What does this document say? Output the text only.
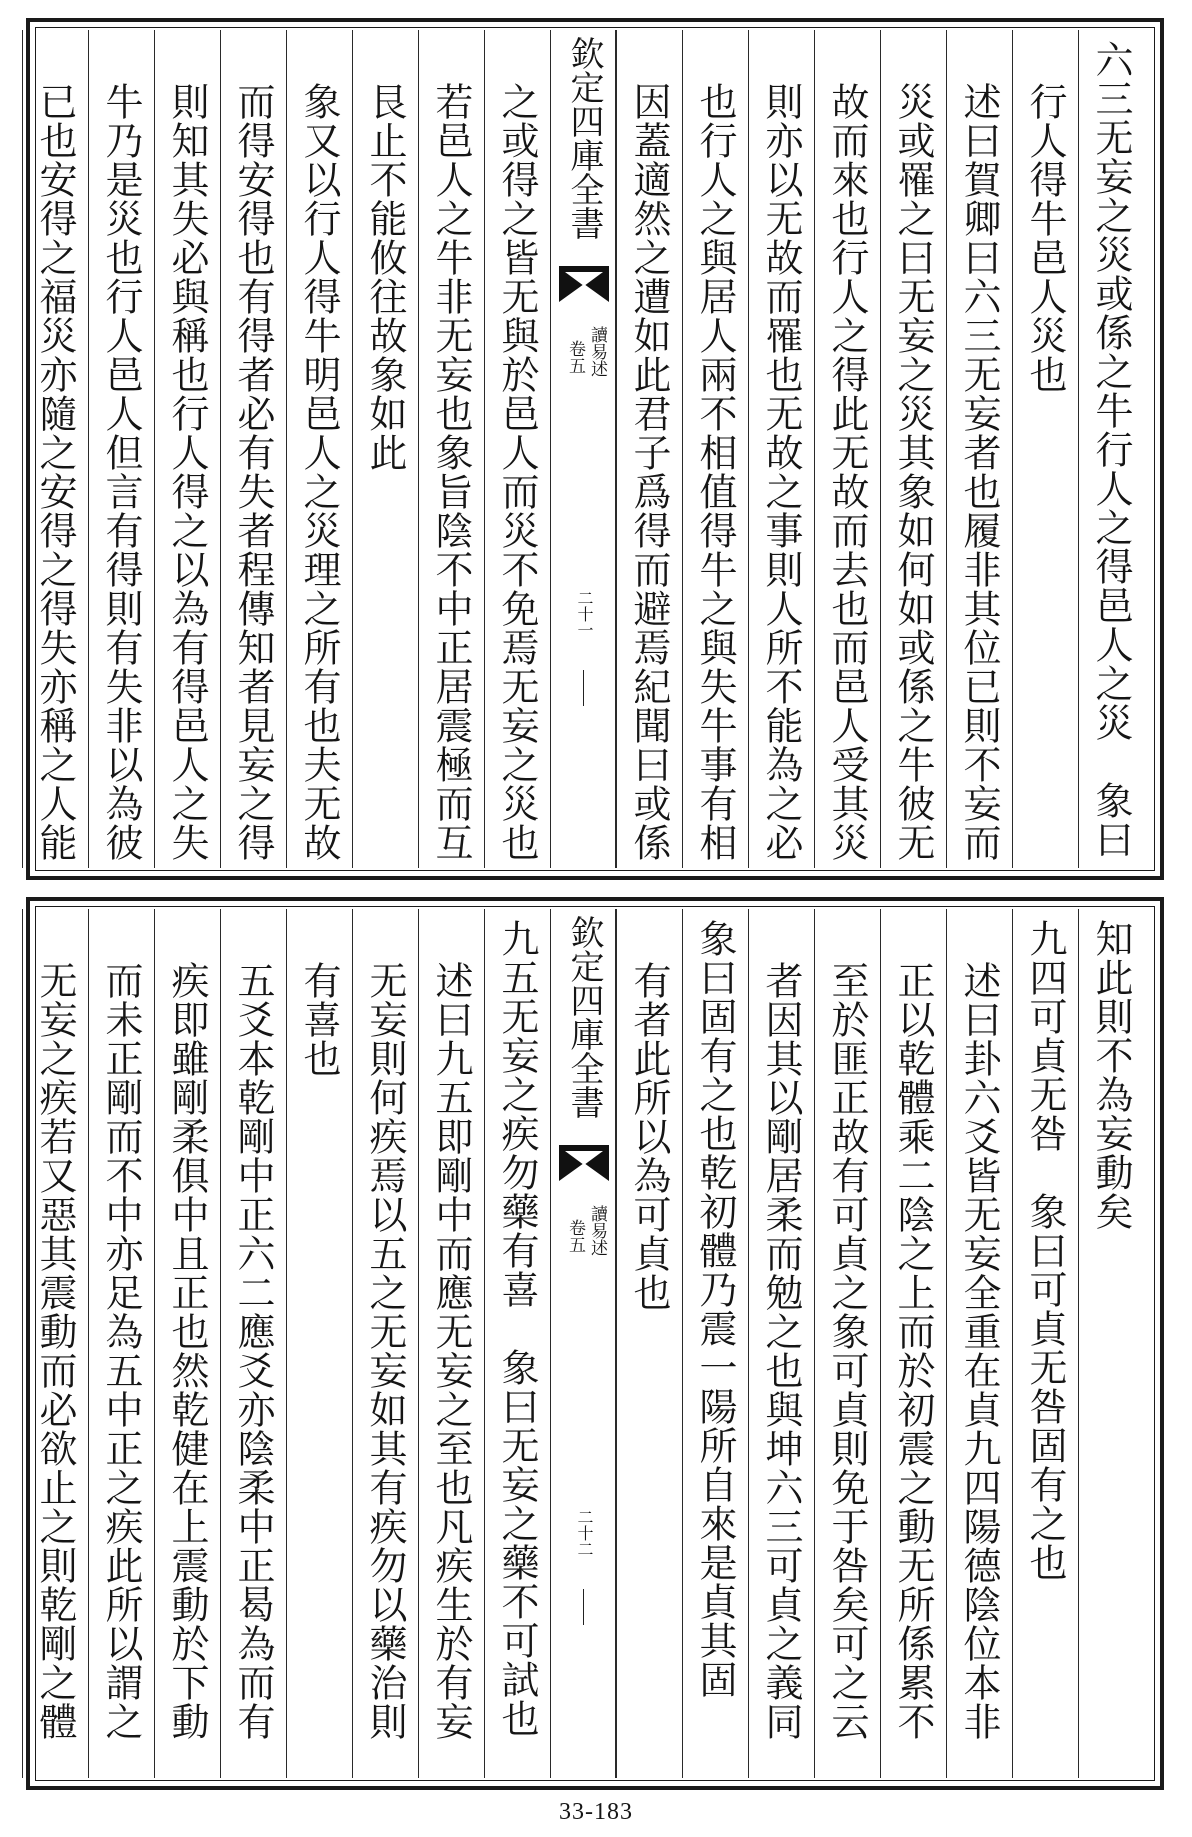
六三无妄之災或係之牛行人之得邑人之災　象曰
行人得牛邑人災也
述曰賀卿曰六三无妄者也履非其位已則不妄而
災或罹之曰无妄之災其象如何如或係之牛彼无
故而來也行人之得此无故而去也而邑人受其災
則亦以无故而罹也无故之事則人所不能為之必
也行人之與居人兩不相值得牛之與失牛事有相
因蓋適然之遭如此君子爲得而避焉紀聞曰或係
欽定四庫全書
讀易述
卷五
二十一
之或得之皆无與於邑人而災不免焉无妄之災也
若邑人之牛非无妄也象旨陰不中正居震極而互
艮止不能攸往故象如此
象又以行人得牛明邑人之災理之所有也夫无故
而得安得也有得者必有失者程傳知者見妄之得
則知其失必與稱也行人得之以為有得邑人之失
牛乃是災也行人邑人但言有得則有失非以為彼
已也安得之福災亦隨之安得之得失亦稱之人能
知此則不為妄動矣
九四可貞无咎　象曰可貞无咎固有之也
述曰卦六爻皆无妄全重在貞九四陽德陰位本非
正以乾體乘二陰之上而於初震之動无所係累不
至於匪正故有可貞之象可貞則免于咎矣可之云
者因其以剛居柔而勉之也與坤六三可貞之義同
象曰固有之也乾初體乃震一陽所自來是貞其固
有者此所以為可貞也
欽定四庫全書
讀易述
卷五
二十二
九五无妄之疾勿藥有喜　象曰无妄之藥不可試也
述曰九五即剛中而應无妄之至也凡疾生於有妄
无妄則何疾焉以五之无妄如其有疾勿以藥治則
有喜也
五爻本乾剛中正六二應爻亦陰柔中正曷為而有
疾即雖剛柔俱中且正也然乾健在上震動於下動
而未正剛而不中亦足為五中正之疾此所以謂之
无妄之疾若又惡其震動而必欲止之則乾剛之體
33-183
